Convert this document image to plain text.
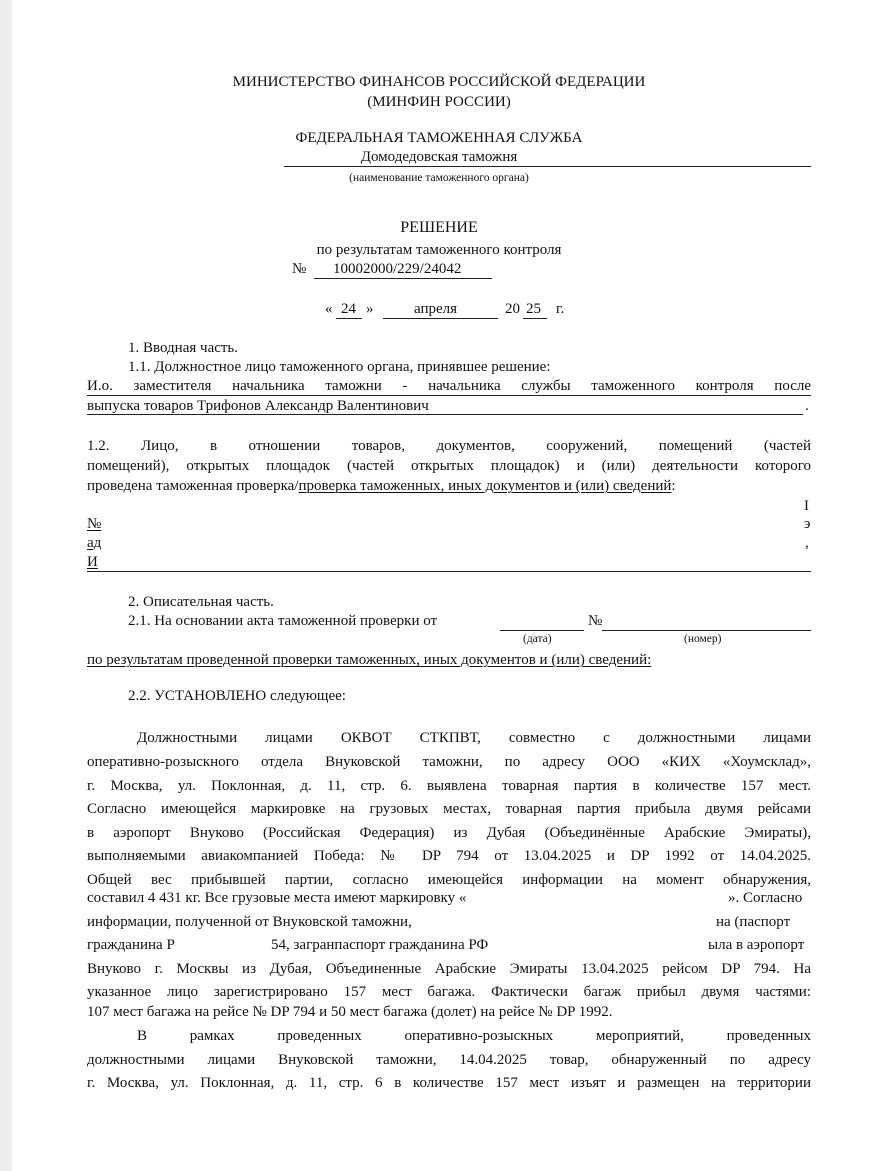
МИНИСТЕРСТВО ФИНАНСОВ РОССИЙСКОЙ ФЕДЕРАЦИИ
(МИНФИН РОССИИ)
ФЕДЕРАЛЬНАЯ ТАМОЖЕННАЯ СЛУЖБА
Домодедовская таможня
(наименование таможенного органа)
РЕШЕНИЕ
по результатам таможенного контроля
№ 10002000/229/24042
« 24 »	апреля	20 25 г.
1. Вводная часть.
1.1. Должностное лицо таможенного органа, принявшее решение:
И.о. заместителя начальника таможни - начальника службы таможенного контроля после
выпуска товаров Трифонов Александр Валентинович	.
1.2. Лицо, в отношении товаров, документов, сооружений, помещений (частей
помещений), открытых площадок (частей открытых площадок) и (или) деятельности которого
проведена таможенная проверка/проверка таможенных, иных документов и (или) сведений:
№
ад
И
I
э
,
2. Описательная часть.
2.1. На основании акта таможенной проверки от	№
(дата)	(номер)
по результатам проведенной проверки таможенных, иных документов и (или) сведений:
2.2. УСТАНОВЛЕНО следующее:
Должностными лицами ОКВОТ СТКПВТ, совместно с должностными лицами
оперативно-розыскного отдела Внуковской таможни, по адресу ООО «КИХ «Хоумсклад»,
г. Москва, ул. Поклонная, д. 11, стр. 6. выявлена товарная партия в количестве 157 мест.
Согласно имеющейся маркировке на грузовых местах, товарная партия прибыла двумя рейсами
в аэропорт Внуково (Российская Федерация) из Дубая (Объединённые Арабские Эмираты),
выполняемыми авиакомпанией Победа: № DP 794 от 13.04.2025 и DP 1992 от 14.04.2025.
Общей вес прибывшей партии, согласно имеющейся информации на момент обнаружения,
составил 4 431 кг. Все грузовые места имеют маркировку «	». Согласно
информации, полученной от Внуковской таможни,	на (паспорт
гражданина Р	54, загранпаспорт гражданина РФ	ыла в аэропорт
Внуково г. Москвы из Дубая, Объединенные Арабские Эмираты 13.04.2025 рейсом DP 794. На
указанное лицо зарегистрировано 157 мест багажа. Фактически багаж прибыл двумя частями:
107 мест багажа на рейсе № DP 794 и 50 мест багажа (долет) на рейсе № DP 1992.
В рамках проведенных оперативно-розыскных мероприятий, проведенных
должностными лицами Внуковской таможни, 14.04.2025 товар, обнаруженный по адресу
г. Москва, ул. Поклонная, д. 11, стр. 6 в количестве 157 мест изъят и размещен на территории
